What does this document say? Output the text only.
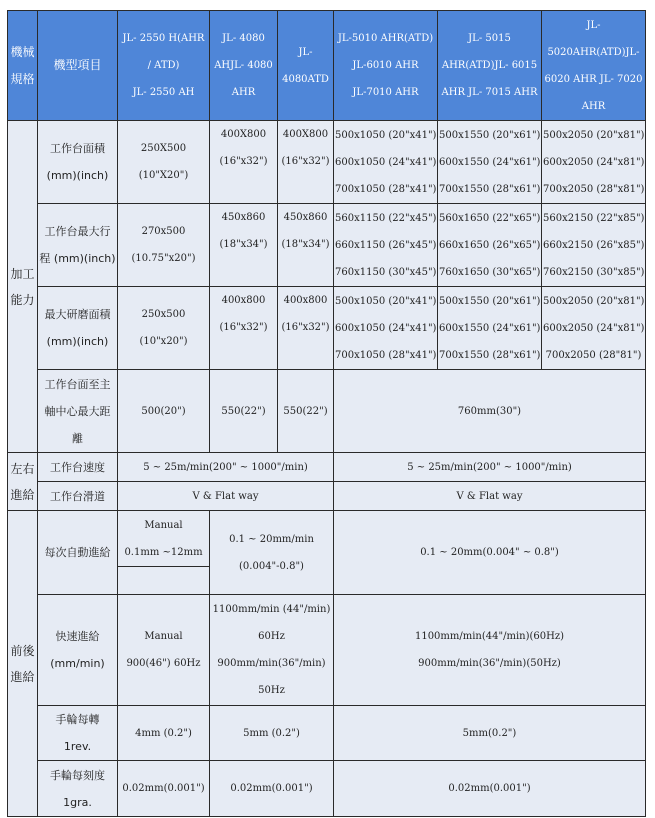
機械
規格	機型項目	JL- 2550 H(AHR
/ ATD)
JL- 2550 AH	JL- 4080
AHJL- 4080
AHR	JL-
4080ATD	JL-5010 AHR(ATD)
JL-6010 AHR
JL-7010 AHR	JL- 5015
AHR(ATD)JL- 6015
AHR JL- 7015 AHR	JL-
5020AHR(ATD)JL-
6020 AHR JL- 7020
AHR

加工
能力	工作台面積
(mm)(inch)	250X500
(10"X20")	400X800
(16"x32")	400X800
(16"x32")	500x1050 (20"x41")
600x1050 (24"x41")
700x1050 (28"x41")	500x1550 (20"x61")
600x1550 (24"x61")
700x1550 (28"x61")	500x2050 (20"x81")
600x2050 (24"x81")
700x2050 (28"x81")

	工作台最大行
程 (mm)(inch)	270x500
(10.75"x20")	450x860
(18"x34")	450x860
(18"x34")	560x1150 (22"x45")
660x1150 (26"x45")
760x1150 (30"x45")	560x1650 (22"x65")
660x1650 (26"x65")
760x1650 (30"x65")	560x2150 (22"x85")
660x2150 (26"x85")
760x2150 (30"x85")

	最大研磨面積
(mm)(inch)	250x500
(10"x20")	400x800
(16"x32")	400x800
(16"x32")	500x1050 (20"x41")
600x1050 (24"x41")
700x1050 (28"x41")	500x1550 (20"x61")
600x1550 (24"x61")
700x1550 (28"x61")	500x2050 (20"x81")
600x2050 (24"x81")
700x2050 (28"81")

	工作台面至主
軸中心最大距
離	500(20")	550(22")	550(22")	760mm(30")		

左右
進給	工作台速度	5 ~ 25m/min(200" ~ 1000"/min)			5 ~ 25m/min(200" ~ 1000"/min)		
	工作台滑道	V & Flat way			V & Flat way		

前後
進給	每次自動進給	Manual
0.1mm ~12mm	0.1 ~ 20mm/min
(0.004"-0.8")		0.1 ~ 20mm(0.004" ~ 0.8")		

	快速進給
(mm/min)	Manual
900(46") 60Hz	1100mm/min (44"/min)
60Hz
900mm/min(36"/min)
50Hz		1100mm/min(44"/min)(60Hz)
900mm/min(36"/min)(50Hz)		

	手輪每轉
1rev.	4mm (0.2")	5mm (0.2")		5mm(0.2")		

	手輪每刻度
1gra.	0.02mm(0.001")	0.02mm(0.001")		0.02mm(0.001")		
